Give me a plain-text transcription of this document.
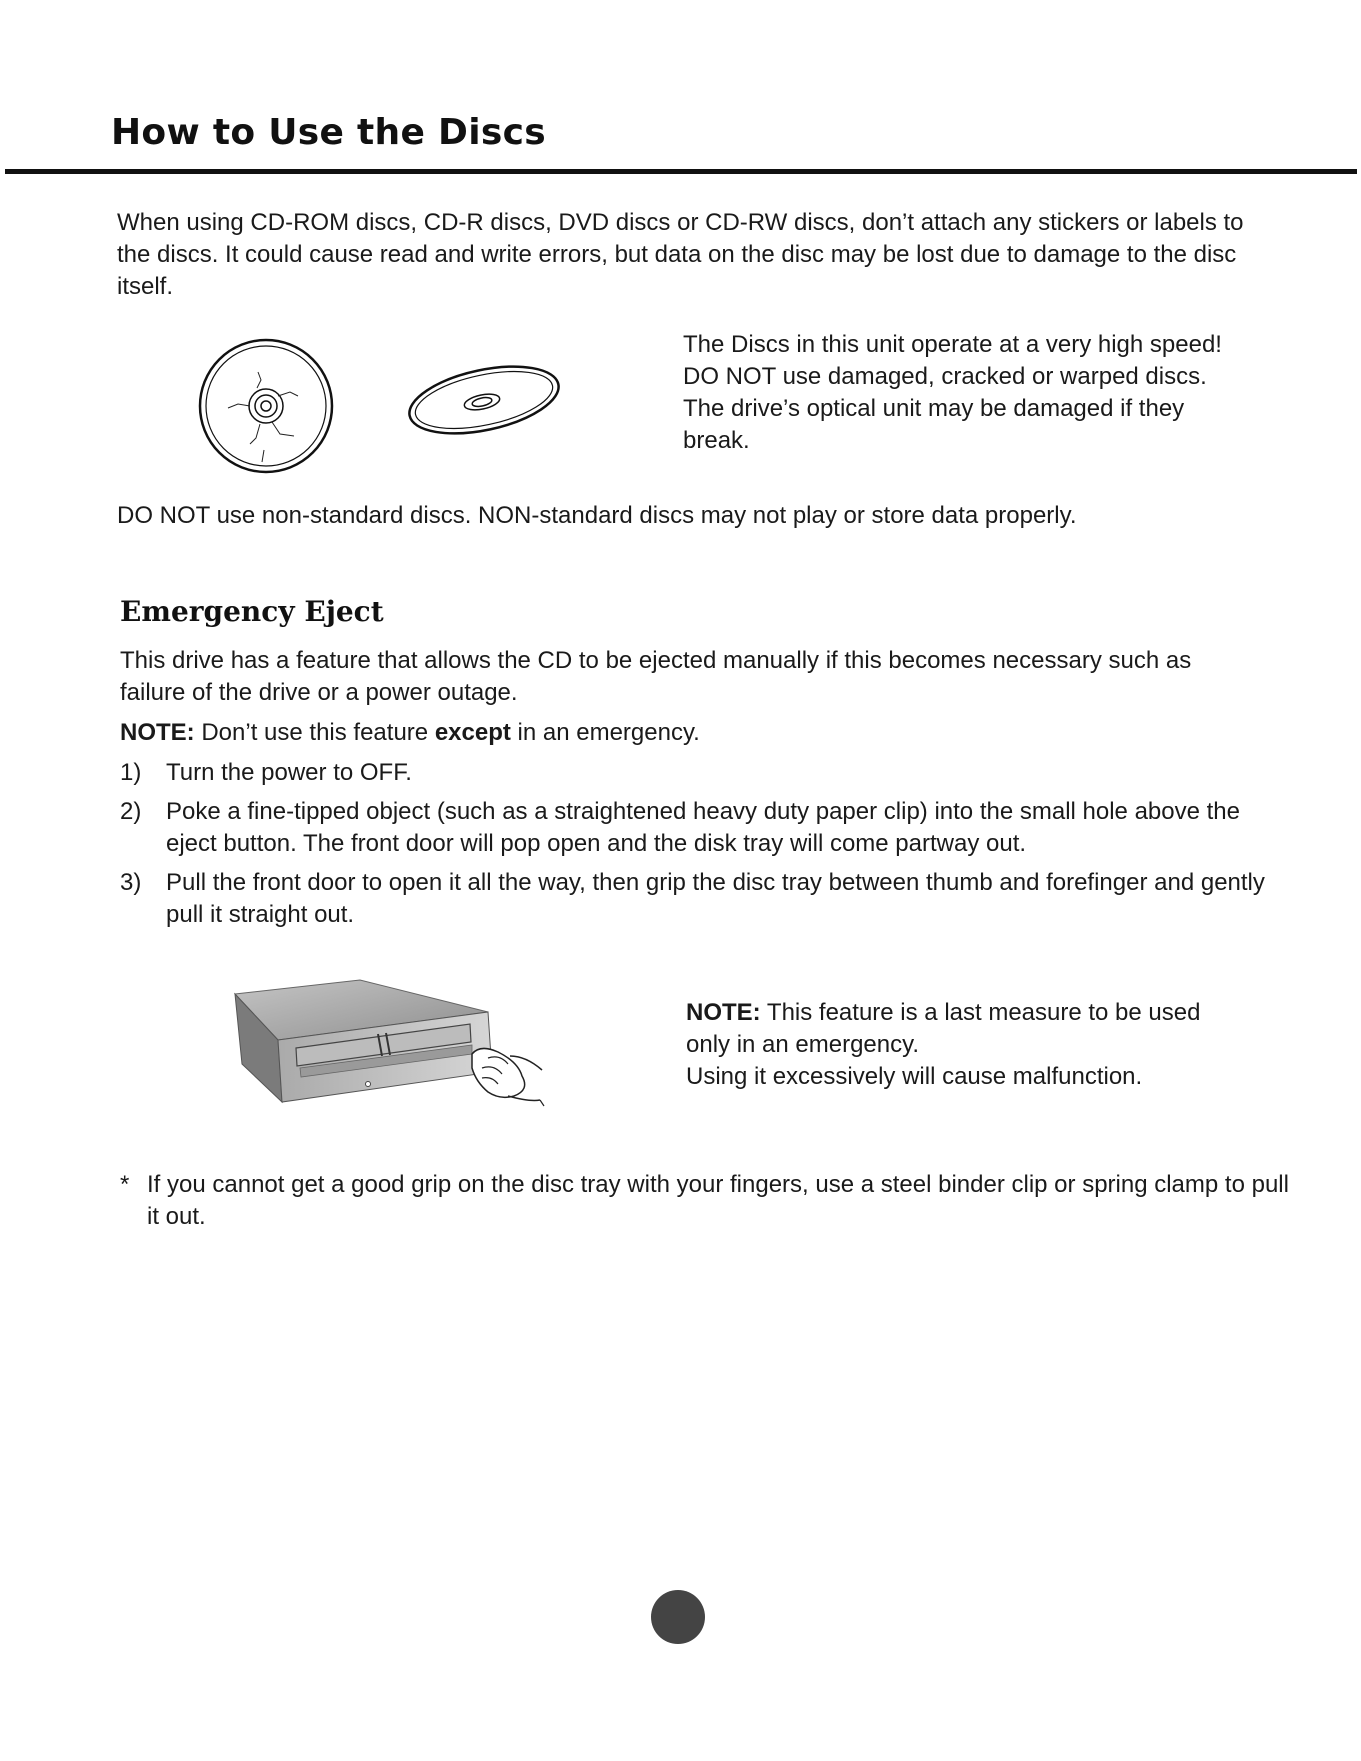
How to Use the Discs

When using CD-ROM discs, CD-R discs, DVD discs or CD-RW discs, don’t attach any stickers or labels to the discs. It could cause read and write errors, but data on the disc may be lost due to damage to the disc itself.

The Discs in this unit operate at a very high speed! DO NOT use damaged, cracked or warped discs. The drive’s optical unit may be damaged if they break.

DO NOT use non-standard discs. NON-standard discs may not play or store data properly.

Emergency Eject

This drive has a feature that allows the CD to be ejected manually if this becomes necessary such as failure of the drive or a power outage.

NOTE: Don’t use this feature except in an emergency.

1) Turn the power to OFF.
2) Poke a fine-tipped object (such as a straightened heavy duty paper clip) into the small hole above the eject button. The front door will pop open and the disk tray will come partway out.
3) Pull the front door to open it all the way, then grip the disc tray between thumb and forefinger and gently pull it straight out.

NOTE: This feature is a last measure to be used only in an emergency.
Using it excessively will cause malfunction.

* If you cannot get a good grip on the disc tray with your fingers, use a steel binder clip or spring clamp to pull it out.
